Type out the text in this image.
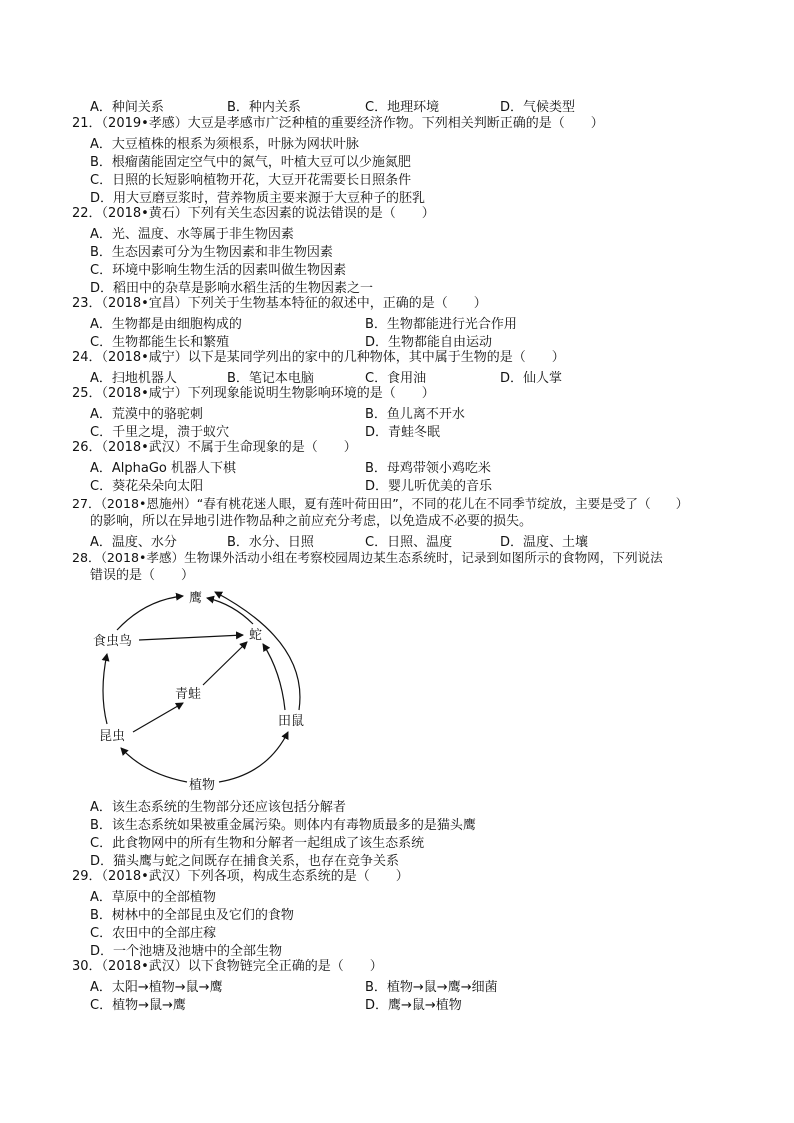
A．种间关系	B．种内关系	C．地理环境	D．气候类型
21．（2019•孝感）大豆是孝感市广泛种植的重要经济作物。下列相关判断正确的是（　　）
A．大豆植株的根系为须根系，叶脉为网状叶脉
B．根瘤菌能固定空气中的氮气，叶植大豆可以少施氮肥
C．日照的长短影响植物开花，大豆开花需要长日照条件
D．用大豆磨豆浆时，营养物质主要来源于大豆种子的胚乳
22．（2018•黄石）下列有关生态因素的说法错误的是（　　）
A．光、温度、水等属于非生物因素
B．生态因素可分为生物因素和非生物因素
C．环境中影响生物生活的因素叫做生物因素
D．稻田中的杂草是影响水稻生活的生物因素之一
23．（2018•宜昌）下列关于生物基本特征的叙述中，正确的是（　　）
A．生物都是由细胞构成的	B．生物都能进行光合作用
C．生物都能生长和繁殖	D．生物都能自由运动
24．（2018•咸宁）以下是某同学列出的家中的几种物体，其中属于生物的是（　　）
A．扫地机器人	B．笔记本电脑	C．食用油	D．仙人掌
25．（2018•咸宁）下列现象能说明生物影响环境的是（　　）
A．荒漠中的骆驼刺	B．鱼儿离不开水
C．千里之堤，溃于蚁穴	D．青蛙冬眠
26．（2018•武汉）不属于生命现象的是（　　）
A．AlphaGo 机器人下棋	B．母鸡带领小鸡吃米
C．葵花朵朵向太阳	D．婴儿听优美的音乐
27．（2018•恩施州）“春有桃花迷人眼，夏有莲叶荷田田”，不同的花儿在不同季节绽放，主要是受了（　　）
的影响，所以在异地引进作物品种之前应充分考虑，以免造成不必要的损失。
A．温度、水分	B．水分、日照	C．日照、温度	D．温度、土壤
28．（2018•孝感）生物课外活动小组在考察校园周边某生态系统时，记录到如图所示的食物网，下列说法
错误的是（　　）
鹰
食虫鸟	蛇
青蛙
田鼠
昆虫
植物
A．该生态系统的生物部分还应该包括分解者
B．该生态系统如果被重金属污染。则体内有毒物质最多的是猫头鹰
C．此食物网中的所有生物和分解者一起组成了该生态系统
D．猫头鹰与蛇之间既存在捕食关系，也存在竞争关系
29．（2018•武汉）下列各项，构成生态系统的是（　　）
A．草原中的全部植物
B．树林中的全部昆虫及它们的食物
C．农田中的全部庄稼
D．一个池塘及池塘中的全部生物
30．（2018•武汉）以下食物链完全正确的是（　　）
A．太阳→植物→鼠→鹰	B．植物→鼠→鹰→细菌
C．植物→鼠→鹰	D．鹰→鼠→植物
